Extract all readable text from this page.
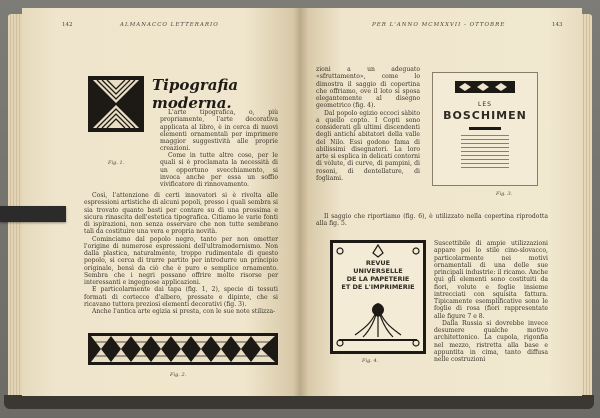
142	ALMANACCO LETTERARIO
Fig. 1.
Tipografia moderna.

L'arte tipografica, o, più propriamente, l'arte decorativa applicata al libro, è in cerca di nuovi elementi ornamentali per imprimere maggior suggestività alle proprie creazioni.

Come in tutte altre cose, per le quali si è proclamata la necessità di un opportuno svecchiamento, si invoca anche per essa un soffio vivificatore di rinnovamento.

Così, l'attenzione di certi innovatori si è rivolta alle espressioni artistiche di alcuni popoli, presso i quali sembra si sia trovato quanto basti per contare su di una prossima e sicura rinascita dell'estetica tipografica. Citiamo le varie fonti di ispirazioni, non senza osservare che non tutte sembrano tali da costituire una vera e propria novità.

Cominciamo dal popolo negro, tanto per non ometter l'origine di numerose espressioni dell'ultramodernismo. Non dalla plastica, naturalmente, troppo rudimentale di questo popolo, si cerca di trarre partito per introdurre un principio originale, bensì da ciò che è puro e semplice ornamento. Sembra che i negri possano offrire molte risorse per interessanti e ingegnose applicazioni.

E particolarmente dai tapa (fig. 1, 2), specie di tessuti formati di cortecce d'albero, pressate e dipinte, che si ricavano tuttora preziosi elementi decorativi (fig. 3).

Anche l'antica arte egizia si presta, con le sue note stilizza-

Fig. 2.
PER L'ANNO MCMXXVII - OTTOBRE	143

zioni a un adeguato «sfruttamento», come lo dimostra il saggio di copertina che offriamo, ove il loto si sposa elegantemente al disegno geometrico (fig. 4).

Dal popolo egizio eccoci sàbito a quello copto. I Copti sono considerati gli ultimi discendenti degli antichi abitatori della valle del Nilo. Essi godono fama di abilissimi disegnatori. La loro arte si esplica in delicati contorni di vòlute, di curve, di pampini, di rosoni, di dentellature, di fogliami.

LES
BOSCHIMEN
Fig. 3.

Il saggio che riportiamo (fig. 6), è utilizzato nella copertina riprodotta alla fig. 5.

REVUE
UNIVERSELLE
DE LA PAPETERIE
ET DE L'IMPRIMERIE
Fig. 4.

Suscettibile di ampie utilizzazioni appare poi lo stile cino-slovacco, particolarmente nei motivi ornamentali di una delle sue principali industrie: il ricamo. Anche qui gli elementi sono costituiti da fiori, volute e foglie insieme intrecciati con squisita fattura. Tipicamente esemplificative sono le foglie di rosa (fiori rappresentate alle figure 7 e 8.

Dalla Russia si dovrebbe invece desumere qualche motivo architettonico. La cupola, rigonfia nel mezzo, ristretta alla base e appuntita in cima, tanto diffusa nelle costruzioni
